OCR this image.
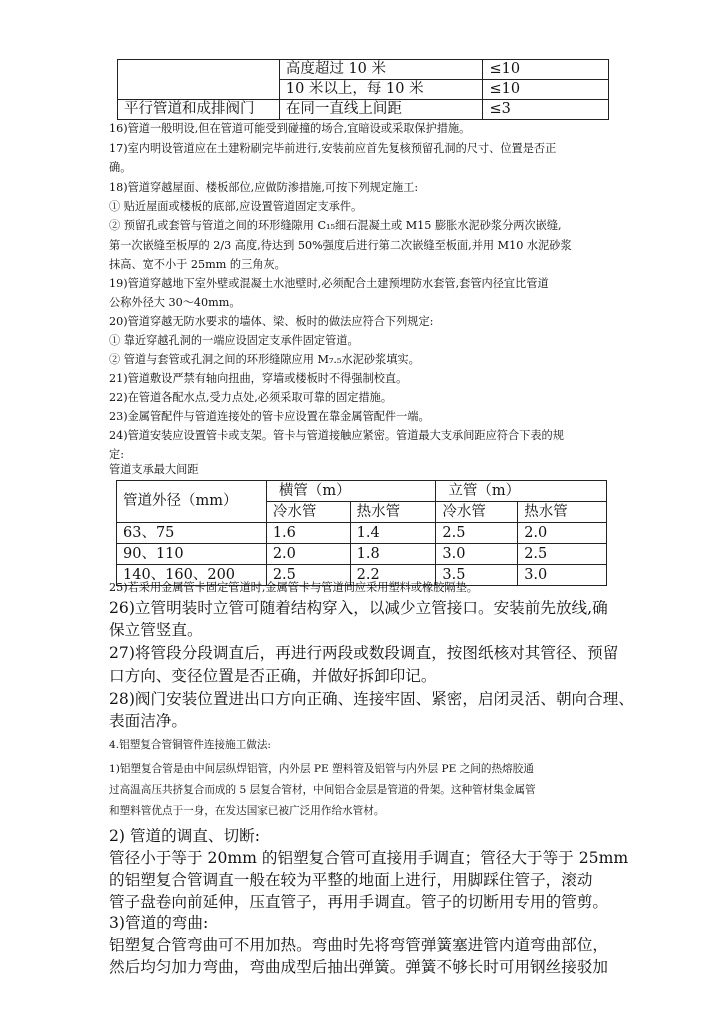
	高度超过 10 米	≤10
	10 米以上，每 10 米	≤10
平行管道和成排阀门	在同一直线上间距	≤3
16)管道一般明设,但在管道可能受到碰撞的场合,宜暗设或采取保护措施。
17)室内明设管道应在土建粉刷完毕前进行,安装前应首先复核预留孔洞的尺寸、位置是否正
确。
18)管道穿越屋面、楼板部位,应做防渗措施,可按下列规定施工:
① 贴近屋面或楼板的底部,应设置管道固定支承件。
② 预留孔或套管与管道之间的环形缝隙用 C₁₅细石混凝土或 M15 膨胀水泥砂浆分两次嵌缝,
第一次嵌缝至板厚的 2/3 高度,待达到 50%强度后进行第二次嵌缝至板面,并用 M10 水泥砂浆
抹高、宽不小于 25mm 的三角灰。
19)管道穿越地下室外壁或混凝土水池壁时,必须配合土建预埋防水套管,套管内径宜比管道
公称外径大 30～40mm。
20)管道穿越无防水要求的墙体、梁、板时的做法应符合下列规定:
① 靠近穿越孔洞的一端应设固定支承件固定管道。
② 管道与套管或孔洞之间的环形缝隙应用 M₇.₅水泥砂浆填实。
21)管道敷设严禁有轴向扭曲，穿墙或楼板时不得强制校直。
22)在管道各配水点,受力点处,必须采取可靠的固定措施。
23)金属管配件与管道连接处的管卡应设置在靠金属管配件一端。
24)管道安装应设置管卡或支架。管卡与管道接触应紧密。管道最大支承间距应符合下表的规
定:
管道支承最大间距
管道外径（mm）	横管（m）		立管（m）	
	冷水管	热水管	冷水管	热水管
63、75	1.6	1.4	2.5	2.0
90、110	2.0	1.8	3.0	2.5
140、160、200	2.5	2.2	3.5	3.0
25)若采用金属管卡固定管道时,金属管卡与管道间应采用塑料或橡胶隔垫。
26)立管明装时立管可随着结构穿入，以减少立管接口。安装前先放线,确
保立管竖直。
27)将管段分段调直后，再进行两段或数段调直，按图纸核对其管径、预留
口方向、变径位置是否正确，并做好拆卸印记。
28)阀门安装位置进出口方向正确、连接牢固、紧密，启闭灵活、朝向合理、
表面洁净。
4.铝塑复合管铜管件连接施工做法:
1)铝塑复合管是由中间层纵焊铝管，内外层 PE 塑料管及铝管与内外层 PE 之间的热熔胶通
过高温高压共挤复合而成的 5 层复合管材，中间铝合金层是管道的骨架。这种管材集金属管
和塑料管优点于一身，在发达国家已被广泛用作给水管材。
2) 管道的调直、切断:
管径小于等于 20mm 的铝塑复合管可直接用手调直；管径大于等于 25mm
的铝塑复合管调直一般在较为平整的地面上进行，用脚踩住管子，滚动
管子盘卷向前延伸，压直管子，再用手调直。管子的切断用专用的管剪。
3)管道的弯曲:
铝塑复合管弯曲可不用加热。弯曲时先将弯管弹簧塞进管内道弯曲部位，
然后均匀加力弯曲，弯曲成型后抽出弹簧。弹簧不够长时可用钢丝接驳加
